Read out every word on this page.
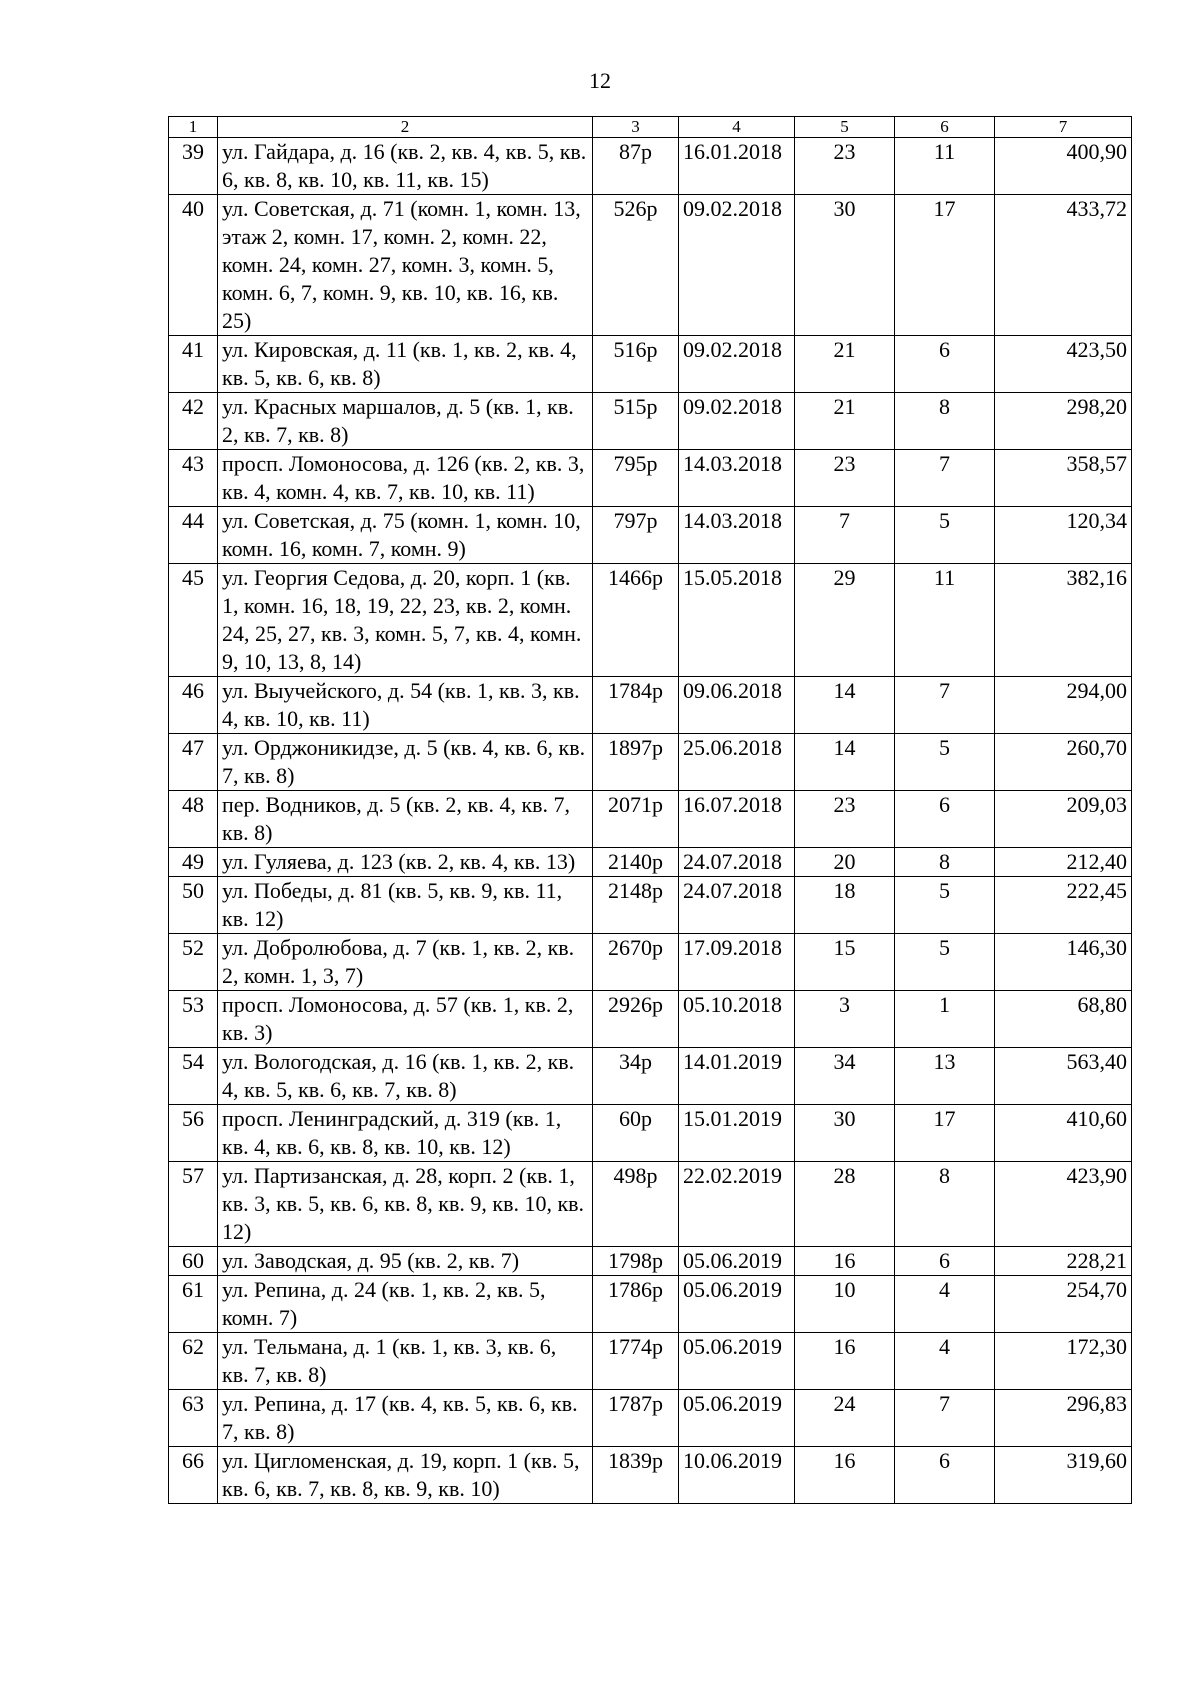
12
1	2	3	4	5	6	7
39	ул. Гайдара, д. 16 (кв. 2, кв. 4, кв. 5, кв. 6, кв. 8, кв. 10, кв. 11, кв. 15)	87р	16.01.2018	23	11	400,90
40	ул. Советская, д. 71 (комн. 1, комн. 13, этаж 2, комн. 17, комн. 2, комн. 22, комн. 24, комн. 27, комн. 3, комн. 5, комн. 6, 7, комн. 9, кв. 10, кв. 16, кв. 25)	526р	09.02.2018	30	17	433,72
41	ул. Кировская, д. 11 (кв. 1, кв. 2, кв. 4, кв. 5, кв. 6, кв. 8)	516р	09.02.2018	21	6	423,50
42	ул. Красных маршалов, д. 5 (кв. 1, кв. 2, кв. 7, кв. 8)	515р	09.02.2018	21	8	298,20
43	просп. Ломоносова, д. 126 (кв. 2, кв. 3, кв. 4, комн. 4, кв. 7, кв. 10, кв. 11)	795р	14.03.2018	23	7	358,57
44	ул. Советская, д. 75 (комн. 1, комн. 10, комн. 16, комн. 7, комн. 9)	797р	14.03.2018	7	5	120,34
45	ул. Георгия Седова, д. 20, корп. 1 (кв. 1, комн. 16, 18, 19, 22, 23, кв. 2, комн. 24, 25, 27, кв. 3, комн. 5, 7, кв. 4, комн. 9, 10, 13, 8, 14)	1466р	15.05.2018	29	11	382,16
46	ул. Выучейского, д. 54 (кв. 1, кв. 3, кв. 4, кв. 10, кв. 11)	1784р	09.06.2018	14	7	294,00
47	ул. Орджоникидзе, д. 5 (кв. 4, кв. 6, кв. 7, кв. 8)	1897р	25.06.2018	14	5	260,70
48	пер. Водников, д. 5 (кв. 2, кв. 4, кв. 7, кв. 8)	2071р	16.07.2018	23	6	209,03
49	ул. Гуляева, д. 123 (кв. 2, кв. 4, кв. 13)	2140р	24.07.2018	20	8	212,40
50	ул. Победы, д. 81 (кв. 5, кв. 9, кв. 11, кв. 12)	2148р	24.07.2018	18	5	222,45
52	ул. Добролюбова, д. 7 (кв. 1, кв. 2, кв. 2, комн. 1, 3, 7)	2670р	17.09.2018	15	5	146,30
53	просп. Ломоносова, д. 57 (кв. 1, кв. 2, кв. 3)	2926р	05.10.2018	3	1	68,80
54	ул. Вологодская, д. 16 (кв. 1, кв. 2, кв. 4, кв. 5, кв. 6, кв. 7, кв. 8)	34р	14.01.2019	34	13	563,40
56	просп. Ленинградский, д. 319 (кв. 1, кв. 4, кв. 6, кв. 8, кв. 10, кв. 12)	60р	15.01.2019	30	17	410,60
57	ул. Партизанская, д. 28, корп. 2 (кв. 1, кв. 3, кв. 5, кв. 6, кв. 8, кв. 9, кв. 10, кв. 12)	498р	22.02.2019	28	8	423,90
60	ул. Заводская, д. 95 (кв. 2, кв. 7)	1798р	05.06.2019	16	6	228,21
61	ул. Репина, д. 24 (кв. 1, кв. 2, кв. 5, комн. 7)	1786р	05.06.2019	10	4	254,70
62	ул. Тельмана, д. 1 (кв. 1, кв. 3, кв. 6, кв. 7, кв. 8)	1774р	05.06.2019	16	4	172,30
63	ул. Репина, д. 17 (кв. 4, кв. 5, кв. 6, кв. 7, кв. 8)	1787р	05.06.2019	24	7	296,83
66	ул. Цигломенская, д. 19, корп. 1 (кв. 5, кв. 6, кв. 7, кв. 8, кв. 9, кв. 10)	1839р	10.06.2019	16	6	319,60
